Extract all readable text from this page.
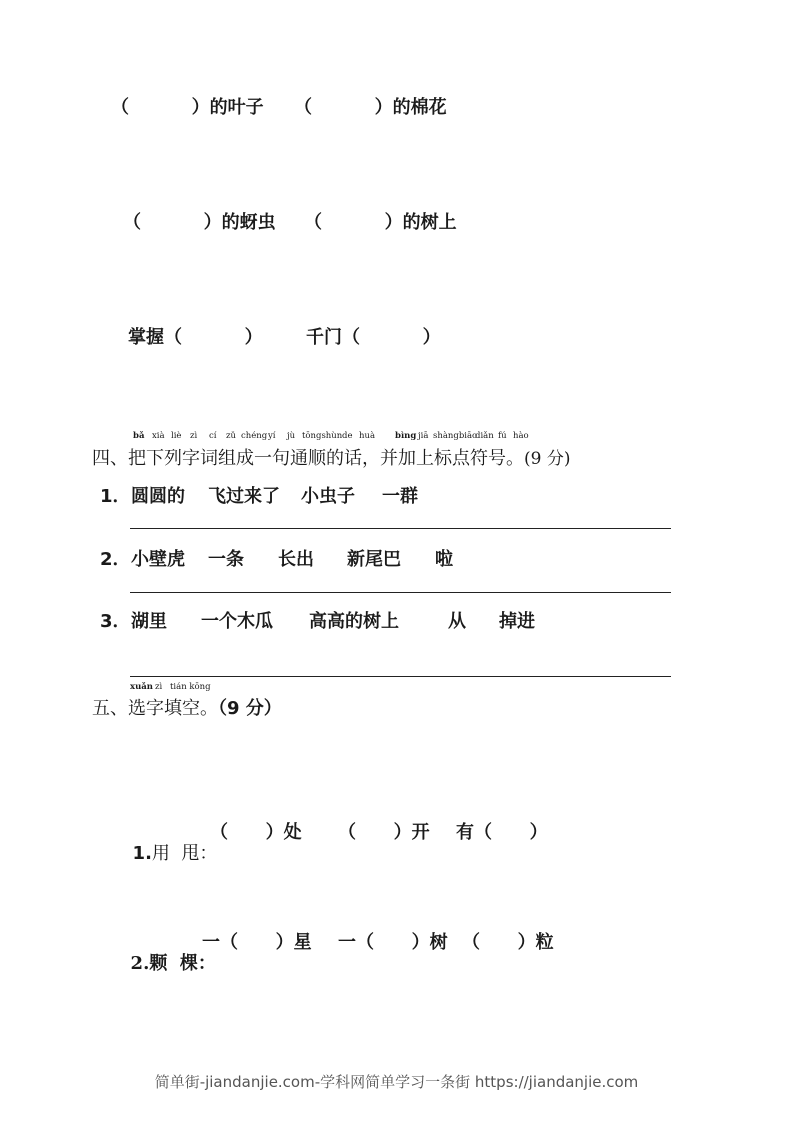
（          ）的叶子 （          ）的棉花
（          ）的蚜虫 （          ）的树上
掌握（          ） 千门（          ）
bǎ xià liè zì cí zǔ chéng yí jù tōngshùn de huà bìng jiā shàngbiāo
diǎn fú hào
四、把下列字词组成一句通顺的话，并加上标点符号。(9 分)
1． 圆圆的 飞过来了 小虫子 一群
2． 小壁虎 一条 长出 新尾巴 啦
3． 湖里 一个木瓜 高高的树上	从 掉进
xuǎn zì tián kōng
五、选字填空。（9 分）

1.用  甩：

（      ）处 （      ）开 有（      ）

2.颗  棵：

一（      ）星 一（      ）树 （      ）粒
简单街-jiandanjie.com-学科网简单学习一条街 https://jiandanjie.com
